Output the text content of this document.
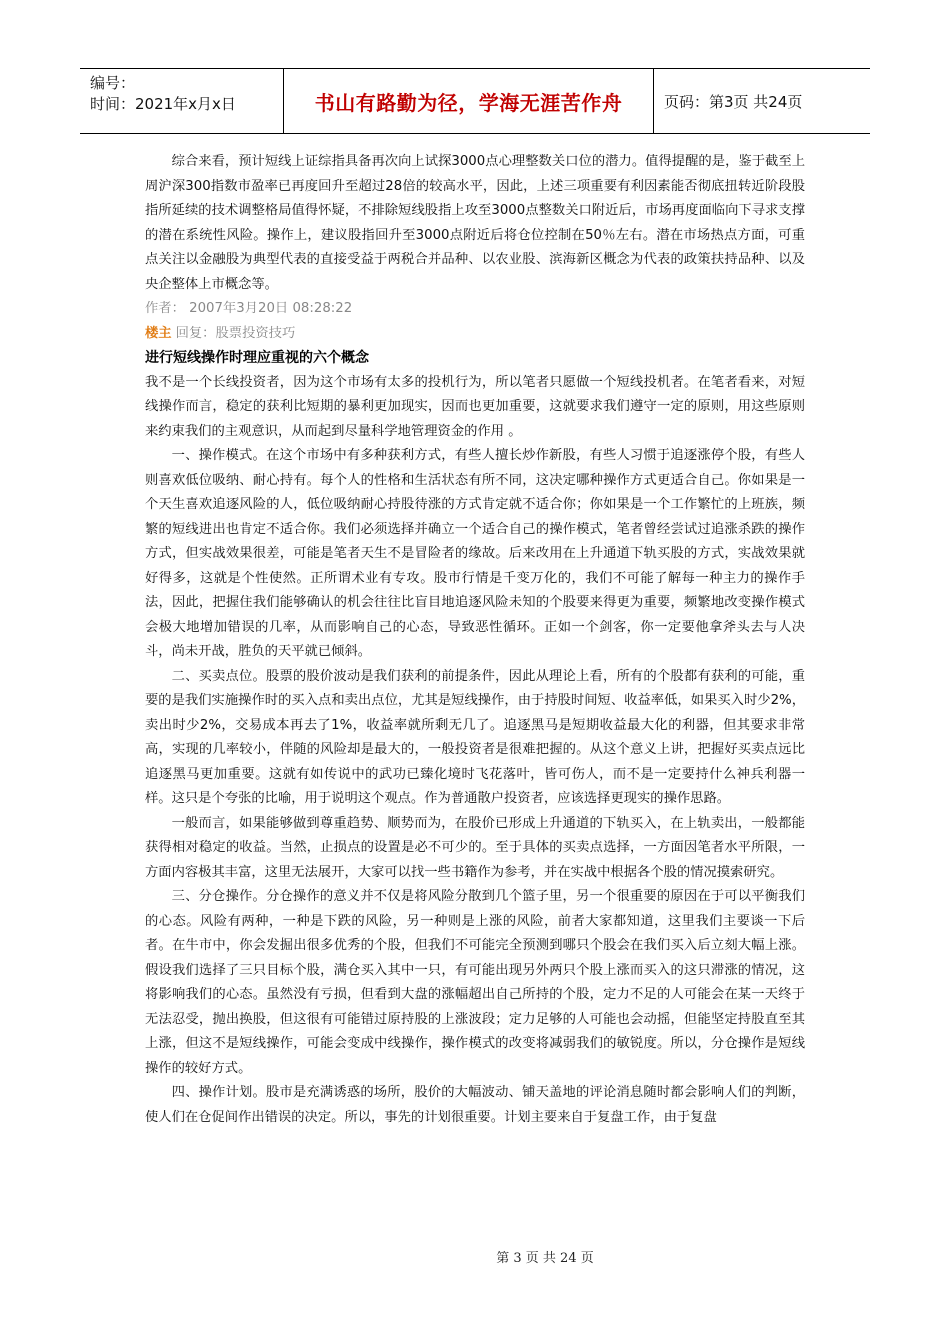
编号：
时间：2021年x月x日	书山有路勤为径，学海无涯苦作舟	页码：第3页 共24页

综合来看，预计短线上证综指具备再次向上试探3000点心理整数关口位的潜力。值得提醒的是，鉴于截至上周沪深300指数市盈率已再度回升至超过28倍的较高水平，因此，上述三项重要有利因素能否彻底扭转近阶段股指所延续的技术调整格局值得怀疑，不排除短线股指上攻至3000点整数关口附近后，市场再度面临向下寻求支撑的潜在系统性风险。操作上，建议股指回升至3000点附近后将仓位控制在50％左右。潜在市场热点方面，可重点关注以金融股为典型代表的直接受益于两税合并品种、以农业股、滨海新区概念为代表的政策扶持品种、以及央企整体上市概念等。

作者： 2007年3月20日 08:28:22

楼主 回复：股票投资技巧

进行短线操作时理应重视的六个概念

我不是一个长线投资者，因为这个市场有太多的投机行为，所以笔者只愿做一个短线投机者。在笔者看来，对短线操作而言，稳定的获利比短期的暴利更加现实，因而也更加重要，这就要求我们遵守一定的原则，用这些原则来约束我们的主观意识，从而起到尽量科学地管理资金的作用 。

一、操作模式。在这个市场中有多种获利方式，有些人擅长炒作新股，有些人习惯于追逐涨停个股，有些人则喜欢低位吸纳、耐心持有。每个人的性格和生活状态有所不同，这决定哪种操作方式更适合自己。你如果是一个天生喜欢追逐风险的人，低位吸纳耐心持股待涨的方式肯定就不适合你；你如果是一个工作繁忙的上班族，频繁的短线进出也肯定不适合你。我们必须选择并确立一个适合自己的操作模式，笔者曾经尝试过追涨杀跌的操作方式，但实战效果很差，可能是笔者天生不是冒险者的缘故。后来改用在上升通道下轨买股的方式，实战效果就好得多，这就是个性使然。正所谓术业有专攻。股市行情是千变万化的，我们不可能了解每一种主力的操作手法，因此，把握住我们能够确认的机会往往比盲目地追逐风险未知的个股要来得更为重要，频繁地改变操作模式会极大地增加错误的几率，从而影响自己的心态，导致恶性循环。正如一个剑客，你一定要他拿斧头去与人决斗，尚未开战，胜负的天平就已倾斜。

二、买卖点位。股票的股价波动是我们获利的前提条件，因此从理论上看，所有的个股都有获利的可能，重要的是我们实施操作时的买入点和卖出点位，尤其是短线操作，由于持股时间短、收益率低，如果买入时少2%，卖出时少2%，交易成本再去了1%，收益率就所剩无几了。追逐黑马是短期收益最大化的利器，但其要求非常高，实现的几率较小，伴随的风险却是最大的，一般投资者是很难把握的。从这个意义上讲，把握好买卖点远比追逐黑马更加重要。这就有如传说中的武功已臻化境时飞花落叶，皆可伤人，而不是一定要持什么神兵利器一样。这只是个夸张的比喻，用于说明这个观点。作为普通散户投资者，应该选择更现实的操作思路。

一般而言，如果能够做到尊重趋势、顺势而为，在股价已形成上升通道的下轨买入，在上轨卖出，一般都能获得相对稳定的收益。当然，止损点的设置是必不可少的。至于具体的买卖点选择，一方面因笔者水平所限，一方面内容极其丰富，这里无法展开，大家可以找一些书籍作为参考，并在实战中根据各个股的情况摸索研究。

三、分仓操作。分仓操作的意义并不仅是将风险分散到几个篮子里，另一个很重要的原因在于可以平衡我们的心态。风险有两种，一种是下跌的风险，另一种则是上涨的风险，前者大家都知道，这里我们主要谈一下后者。在牛市中，你会发掘出很多优秀的个股，但我们不可能完全预测到哪只个股会在我们买入后立刻大幅上涨。假设我们选择了三只目标个股，满仓买入其中一只，有可能出现另外两只个股上涨而买入的这只滞涨的情况，这将影响我们的心态。虽然没有亏损，但看到大盘的涨幅超出自己所持的个股，定力不足的人可能会在某一天终于无法忍受，抛出换股，但这很有可能错过原持股的上涨波段；定力足够的人可能也会动摇，但能坚定持股直至其上涨，但这不是短线操作，可能会变成中线操作，操作模式的改变将减弱我们的敏锐度。所以，分仓操作是短线操作的较好方式。

四、操作计划。股市是充满诱惑的场所，股价的大幅波动、铺天盖地的评论消息随时都会影响人们的判断，使人们在仓促间作出错误的决定。所以，事先的计划很重要。计划主要来自于复盘工作，由于复盘

第 3 页 共 24 页
